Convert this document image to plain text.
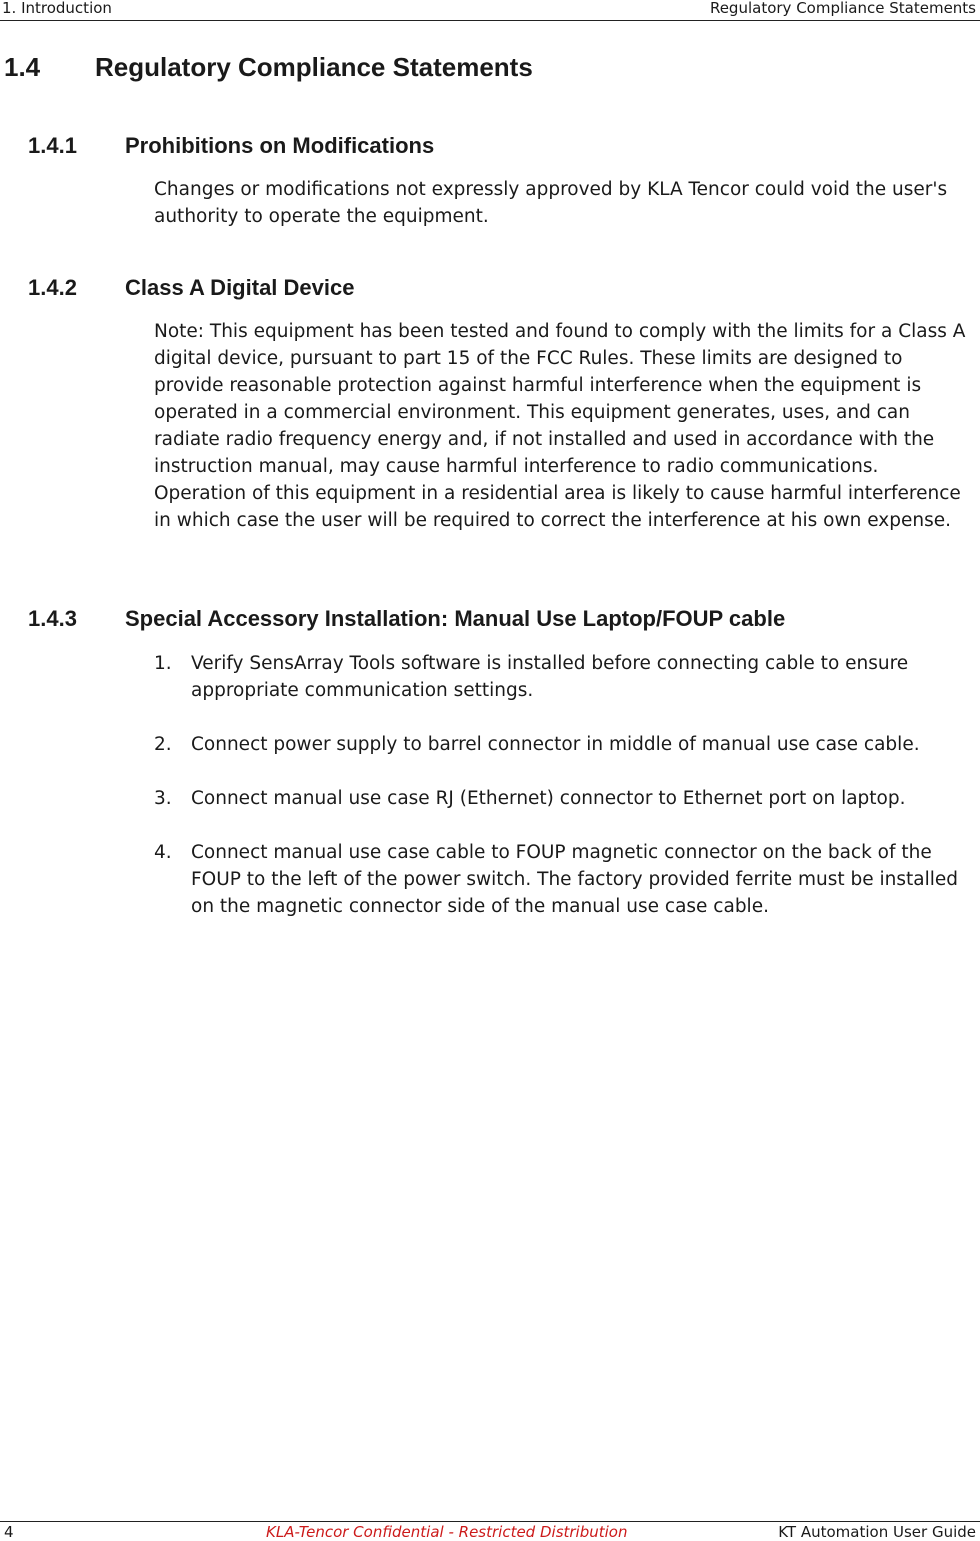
1. Introduction	Regulatory Compliance Statements
1.4 Regulatory Compliance Statements
1.4.1 Prohibitions on Modifications

Changes or modifications not expressly approved by KLA Tencor could void the user's authority to operate the equipment.

1.4.2 Class A Digital Device

Note: This equipment has been tested and found to comply with the limits for a Class A digital device, pursuant to part 15 of the FCC Rules. These limits are designed to provide reasonable protection against harmful interference when the equipment is operated in a commercial environment. This equipment generates, uses, and can radiate radio frequency energy and, if not installed and used in accordance with the instruction manual, may cause harmful interference to radio communications. Operation of this equipment in a residential area is likely to cause harmful interference in which case the user will be required to correct the interference at his own expense.

1.4.3 Special Accessory Installation: Manual Use Laptop/FOUP cable
1. Verify SensArray Tools software is installed before connecting cable to ensure appropriate communication settings.
2. Connect power supply to barrel connector in middle of manual use case cable.
3. Connect manual use case RJ (Ethernet) connector to Ethernet port on laptop.
4. Connect manual use case cable to FOUP magnetic connector on the back of the FOUP to the left of the power switch. The factory provided ferrite must be installed on the magnetic connector side of the manual use case cable.
4	KLA-Tencor Confidential - Restricted Distribution	KT Automation User Guide
